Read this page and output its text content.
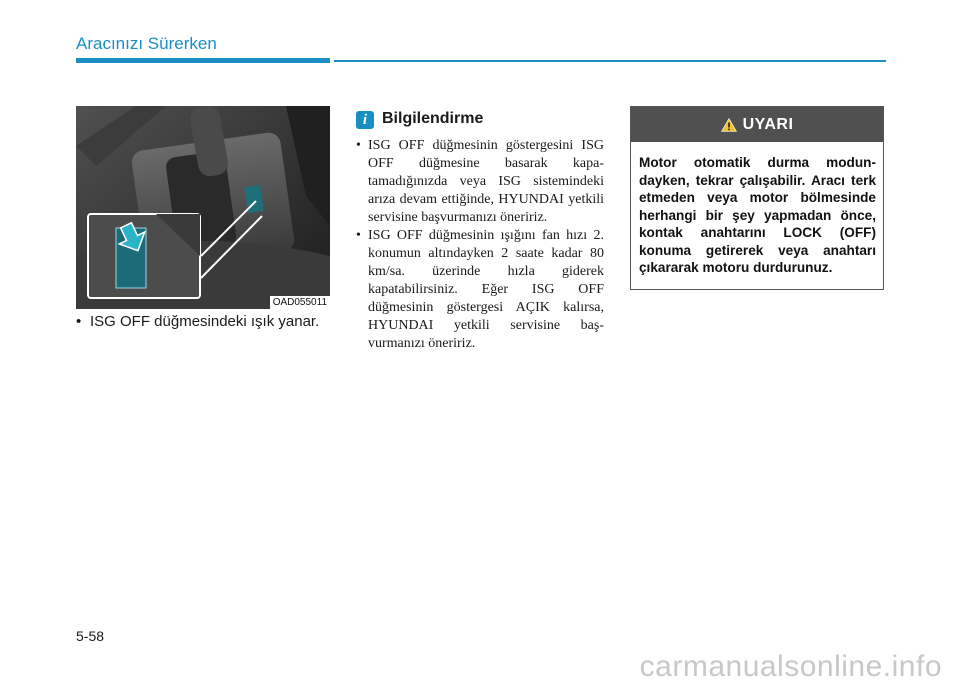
Aracınızı Sürerken
OAD055011
• ISG OFF düğmesindeki ışık yanar.
i Bilgilendirme
• ISG OFF düğmesinin göstergesini ISG OFF düğmesine basarak kapatamadığınızda veya ISG sistemindeki arıza devam ettiğinde, HYUNDAI yetkili servisine başvurmanızı öneririz.
• ISG OFF düğmesinin ışığını fan hızı 2. konumun altındayken 2 saate kadar 80 km/sa. üzerinde hızla giderek kapatabilirsiniz. Eğer ISG OFF düğmesinin göstergesi AÇIK kalırsa, HYUNDAI yetkili servisine başvurmanızı öneririz.
UYARI
Motor otomatik durma modundayken, tekrar çalışabilir. Aracı terk etmeden veya motor bölmesinde herhangi bir şey yapmadan önce, kontak anahtarını LOCK (OFF) konuma getirerek veya anahtarı çıkararak motoru durdurunuz.
5-58
carmanualsonline.info
